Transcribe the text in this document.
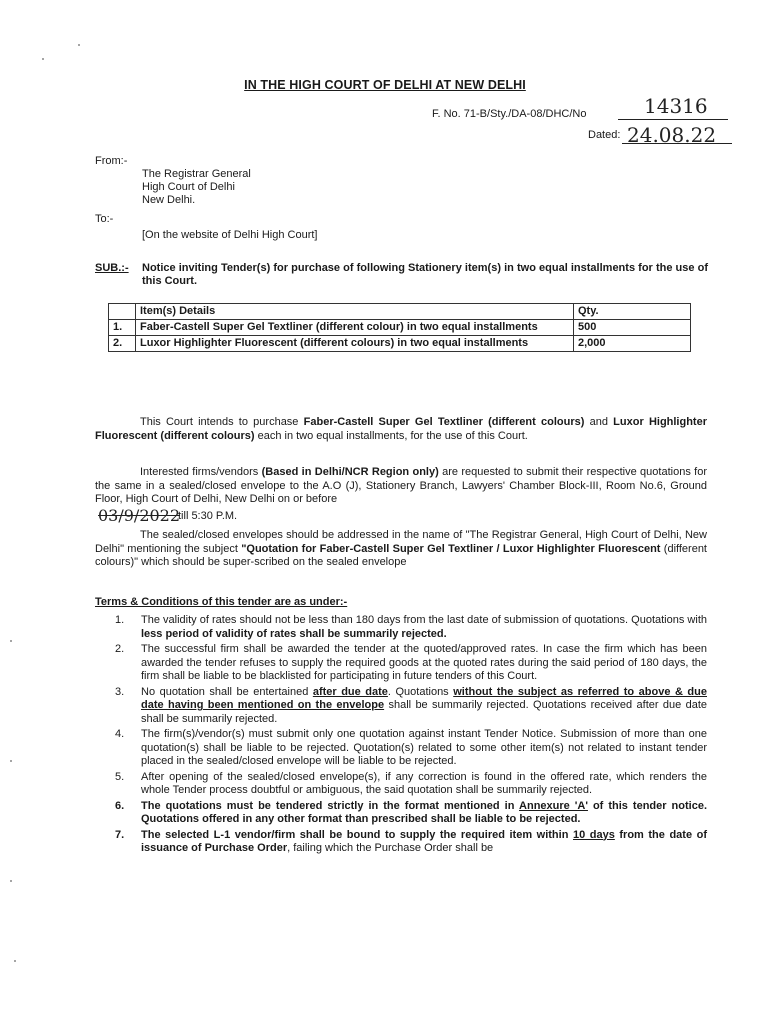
IN THE HIGH COURT OF DELHI AT NEW DELHI
F. No. 71-B/Sty./DA-08/DHC/No	14316
Dated: 24.08.22
From:-
The Registrar General
High Court of Delhi
New Delhi.
To:-
[On the website of Delhi High Court]
SUB.:- Notice inviting Tender(s) for purchase of following Stationery item(s) in two equal installments for the use of this Court.
	Item(s) Details	Qty.
1.	Faber-Castell Super Gel Textliner (different colour) in two equal installments	500
2.	Luxor Highlighter Fluorescent (different colours) in two equal installments	2,000
This Court intends to purchase Faber-Castell Super Gel Textliner (different colours) and Luxor Highlighter Fluorescent (different colours) each in two equal installments, for the use of this Court.
Interested firms/vendors (Based in Delhi/NCR Region only) are requested to submit their respective quotations for the same in a sealed/closed envelope to the A.O (J), Stationery Branch, Lawyers' Chamber Block-III, Room No.6, Ground Floor, High Court of Delhi, New Delhi on or before
03/9/2022
till 5:30 P.M.
The sealed/closed envelopes should be addressed in the name of "The Registrar General, High Court of Delhi, New Delhi" mentioning the subject "Quotation for Faber-Castell Super Gel Textliner / Luxor Highlighter Fluorescent (different colours)" which should be super-scribed on the sealed envelope
Terms & Conditions of this tender are as under:-
1. The validity of rates should not be less than 180 days from the last date of submission of quotations. Quotations with less period of validity of rates shall be summarily rejected.
2. The successful firm shall be awarded the tender at the quoted/approved rates. In case the firm which has been awarded the tender refuses to supply the required goods at the quoted rates during the said period of 180 days, the firm shall be liable to be blacklisted for participating in future tenders of this Court.
3. No quotation shall be entertained after due date. Quotations without the subject as referred to above & due date having been mentioned on the envelope shall be summarily rejected. Quotations received after due date shall be summarily rejected.
4. The firm(s)/vendor(s) must submit only one quotation against instant Tender Notice. Submission of more than one quotation(s) shall be liable to be rejected. Quotation(s) related to some other item(s) not related to instant tender placed in the sealed/closed envelope will be liable to be rejected.
5. After opening of the sealed/closed envelope(s), if any correction is found in the offered rate, which renders the whole Tender process doubtful or ambiguous, the said quotation shall be summarily rejected.
6. The quotations must be tendered strictly in the format mentioned in Annexure 'A' of this tender notice. Quotations offered in any other format than prescribed shall be liable to be rejected.
7. The selected L-1 vendor/firm shall be bound to supply the required item within 10 days from the date of issuance of Purchase Order, failing which the Purchase Order shall be
